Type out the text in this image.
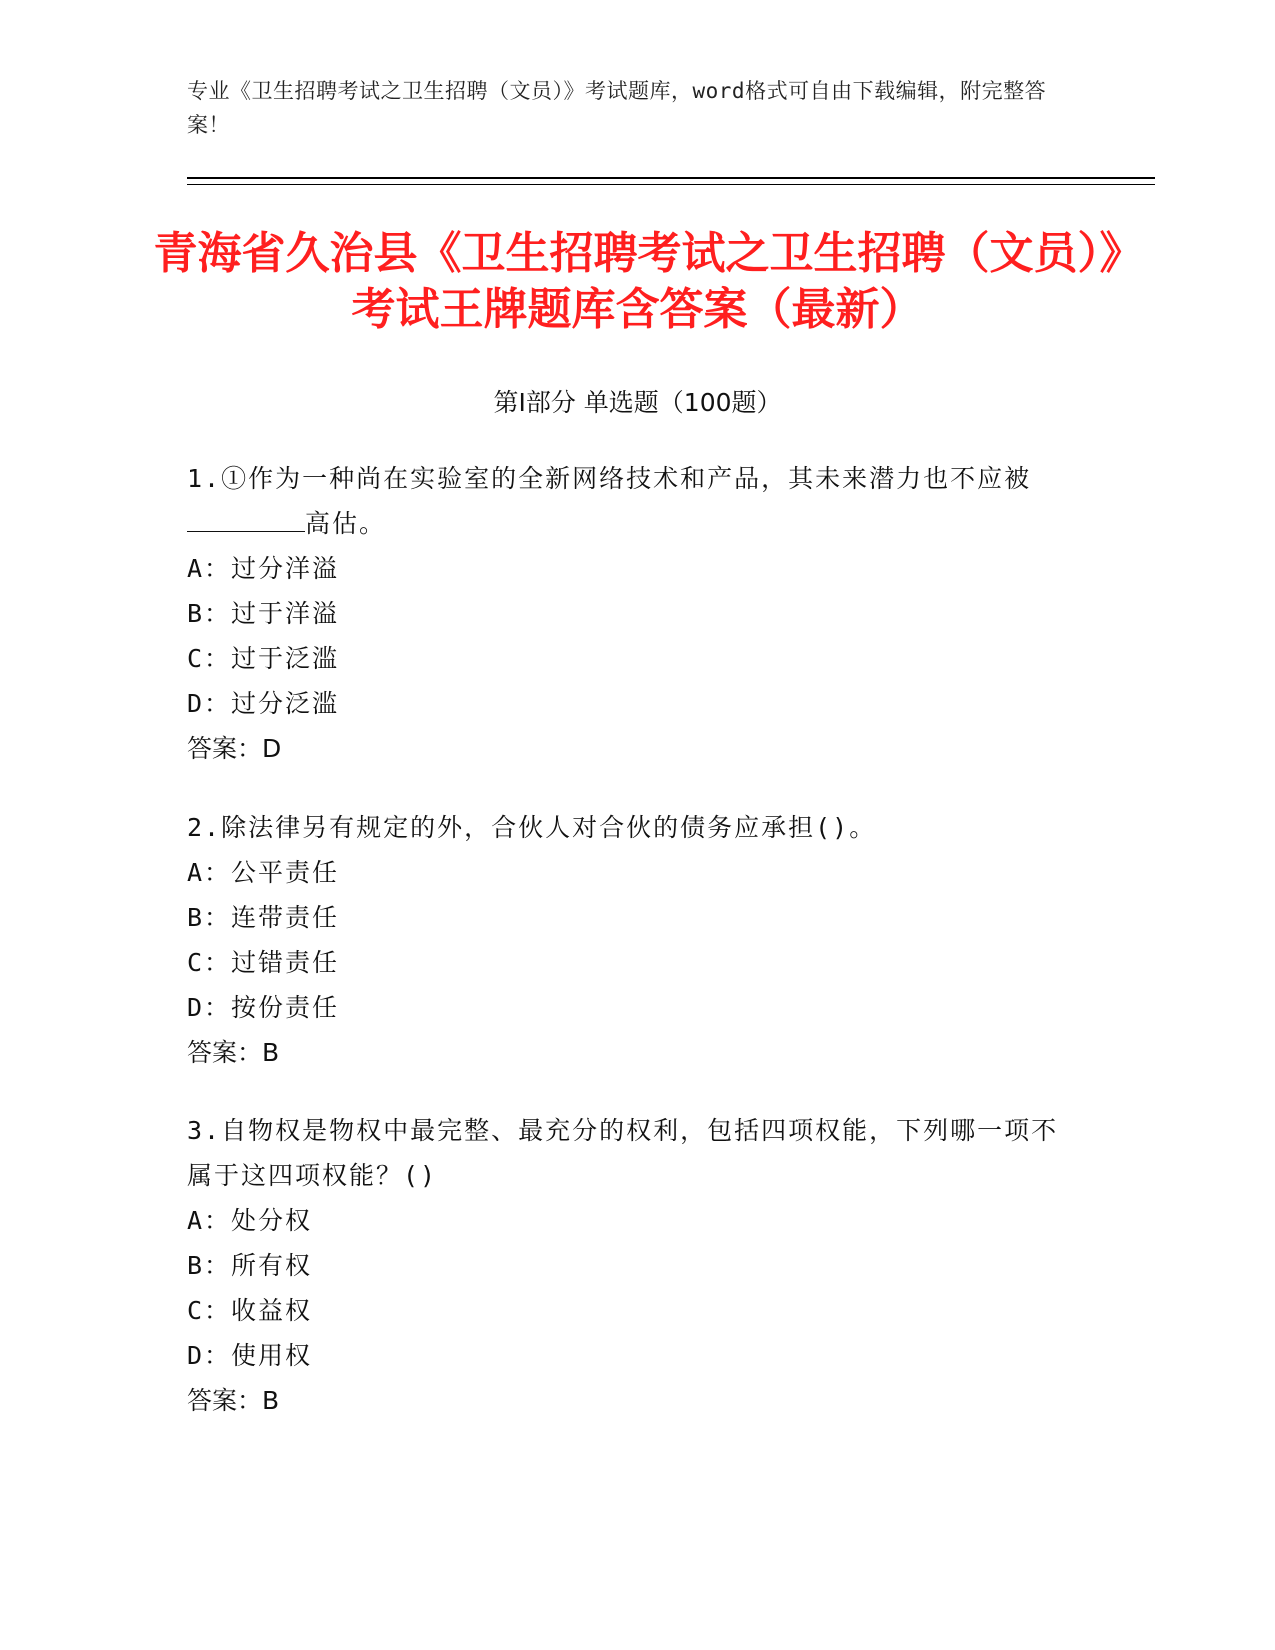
专业《卫生招聘考试之卫生招聘（文员）》考试题库，word格式可自由下载编辑，附完整答案！
青海省久治县《卫生招聘考试之卫生招聘（文员）》考试王牌题库含答案（最新）
第I部分 单选题（100题）

1.①作为一种尚在实验室的全新网络技术和产品，其未来潜力也不应被高估。

A：过分洋溢
B：过于洋溢
C：过于泛滥
D：过分泛滥
答案：D

2.除法律另有规定的外，合伙人对合伙的债务应承担()。

A：公平责任
B：连带责任
C：过错责任
D：按份责任
答案：B

3.自物权是物权中最完整、最充分的权利，包括四项权能，下列哪一项不属于这四项权能？()

A：处分权
B：所有权
C：收益权
D：使用权
答案：B
